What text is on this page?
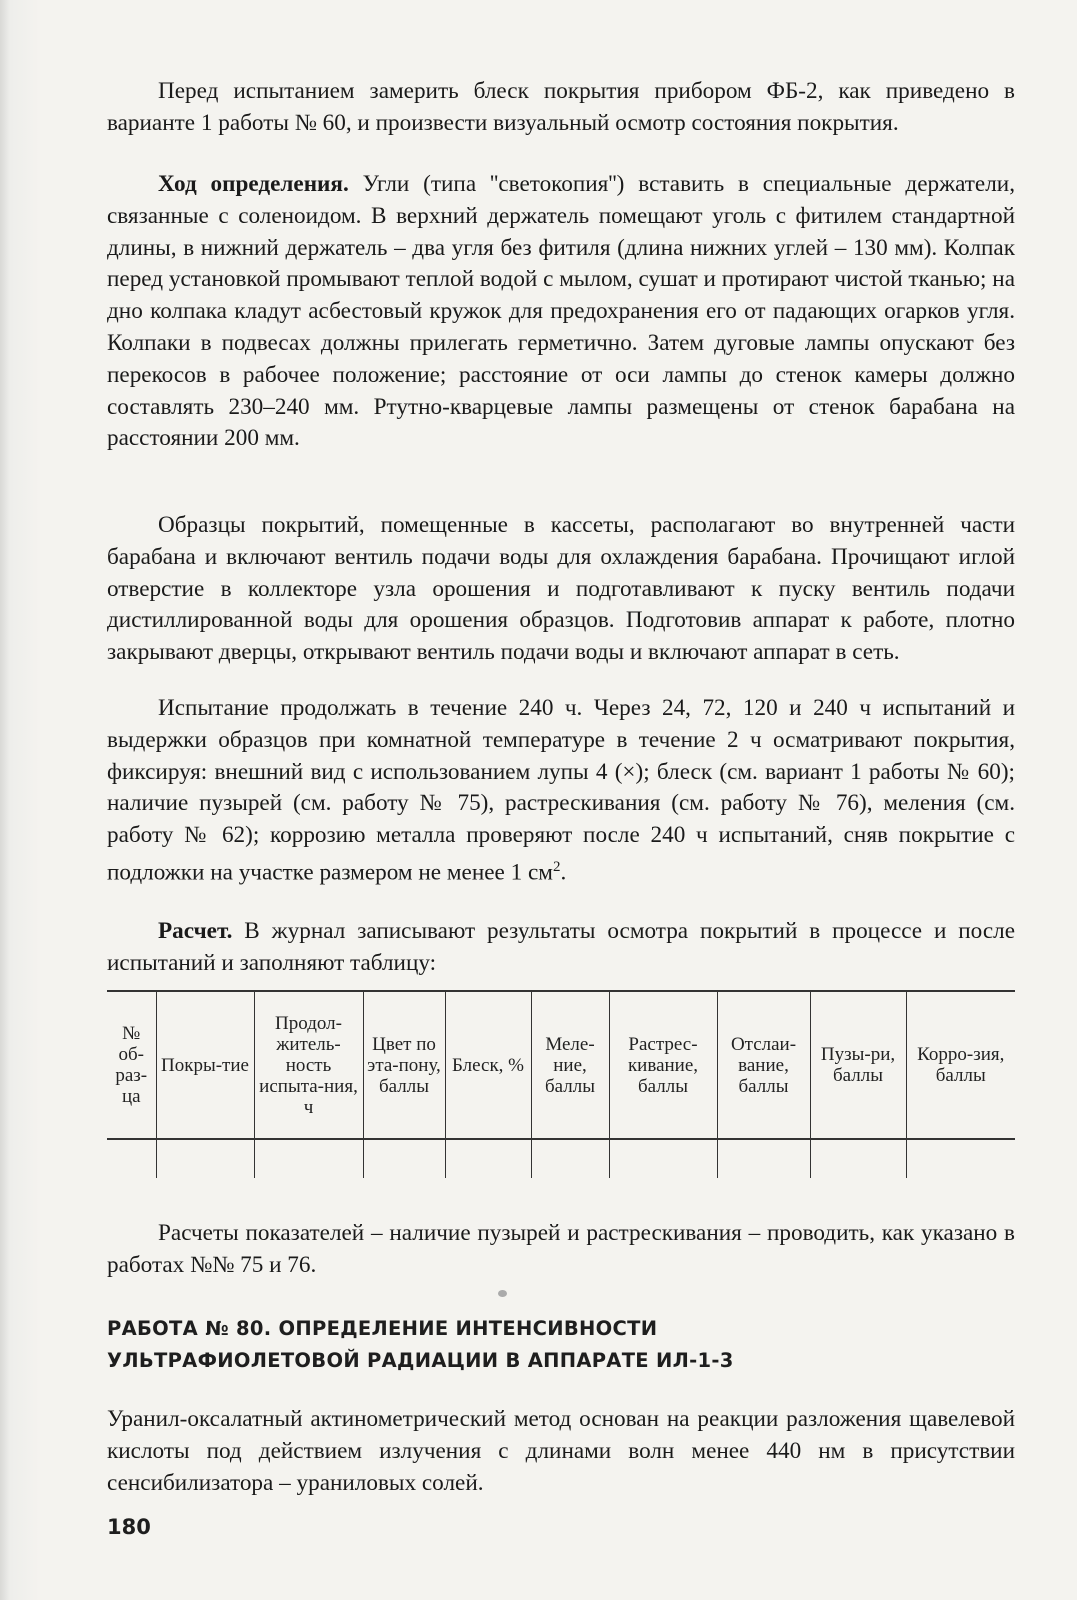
Перед испытанием замерить блеск покрытия прибором ФБ-2, как приведено в варианте 1 работы № 60, и произвести визуальный осмотр состояния покрытия.

Ход определения. Угли (типа ''светокопия'') вставить в специальные держатели, связанные с соленоидом. В верхний держатель помещают уголь с фитилем стандартной длины, в нижний держатель – два угля без фитиля (длина нижних углей – 130 мм). Колпак перед установкой промывают теплой водой с мылом, сушат и протирают чистой тканью; на дно колпака кладут асбестовый кружок для предохранения его от падающих огарков угля. Колпаки в подвесах должны прилегать герметично. Затем дуговые лампы опускают без перекосов в рабочее положение; расстояние от оси лампы до стенок камеры должно составлять 230–240 мм. Ртутно-кварцевые лампы размещены от стенок барабана на расстоянии 200 мм.

Образцы покрытий, помещенные в кассеты, располагают во внутренней части барабана и включают вентиль подачи воды для охлаждения барабана. Прочищают иглой отверстие в коллекторе узла орошения и подготавливают к пуску вентиль подачи дистиллированной воды для орошения образцов. Подготовив аппарат к работе, плотно закрывают дверцы, открывают вентиль подачи воды и включают аппарат в сеть.

Испытание продолжать в течение 240 ч. Через 24, 72, 120 и 240 ч испытаний и выдержки образцов при комнатной температуре в течение 2 ч осматривают покрытия, фиксируя: внешний вид с использованием лупы 4 (×); блеск (см. вариант 1 работы № 60); наличие пузырей (см. работу № 75), растрескивания (см. работу № 76), меления (см. работу № 62); коррозию металла проверяют после 240 ч испытаний, сняв покрытие с подложки на участке размером не менее 1 $см^2$.

Расчет. В журнал записывают результаты осмотра покрытий в процессе и после испытаний и заполняют таблицу:

№ об-раз-ца	Покры-тие	Продол-житель-ность испыта-ния, ч	Цвет по эта-пону, баллы	Блеск, %	Меле-ние, баллы	Растрес-кивание, баллы	Отслаи-вание, баллы	Пузы-ри, баллы	Корро-зия, баллы

Расчеты показателей – наличие пузырей и растрескивания – проводить, как указано в работах №№ 75 и 76.

РАБОТА № 80. ОПРЕДЕЛЕНИЕ ИНТЕНСИВНОСТИ
УЛЬТРАФИОЛЕТОВОЙ РАДИАЦИИ В АППАРАТЕ ИЛ-1-3

Уранил-оксалатный актинометрический метод основан на реакции разложения щавелевой кислоты под действием излучения с длинами волн менее 440 нм в присутствии сенсибилизатора – ураниловых солей.

180
